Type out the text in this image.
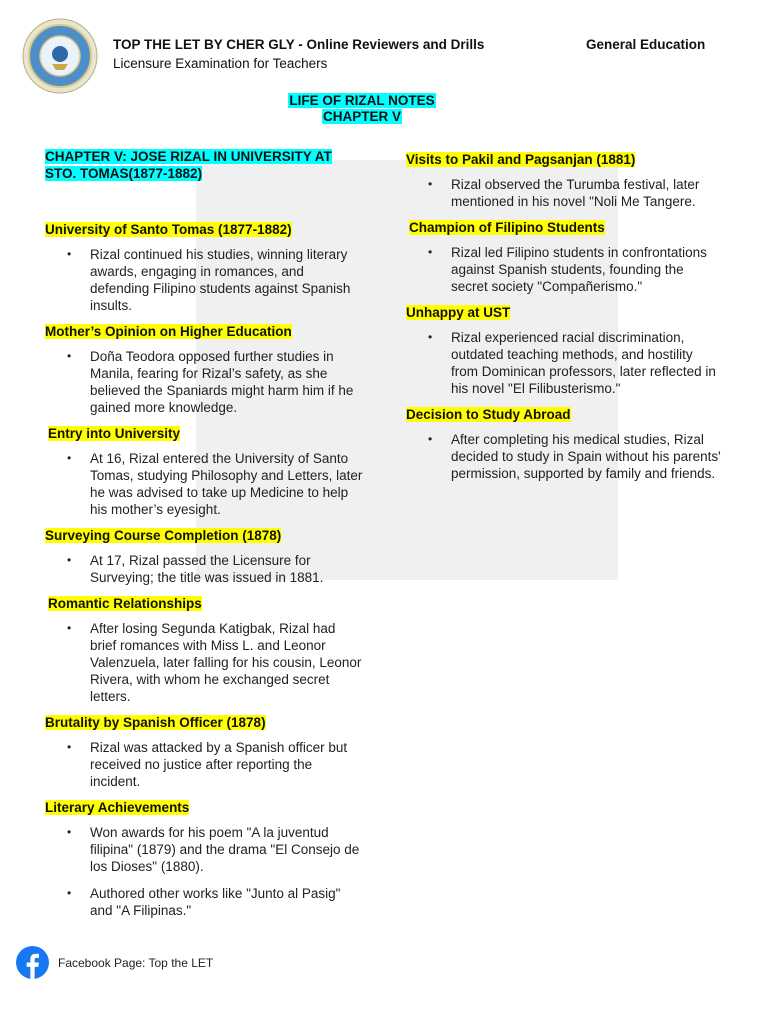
TOP THE LET BY CHER GLY - Online Reviewers and Drills	General Education
Licensure Examination for Teachers
LIFE OF RIZAL NOTES
CHAPTER V
CHAPTER V: JOSE RIZAL IN UNIVERSITY AT STO. TOMAS(1877-1882)
University of Santo Tomas (1877-1882)
• Rizal continued his studies, winning literary awards, engaging in romances, and defending Filipino students against Spanish insults.
Mother’s Opinion on Higher Education
• Doña Teodora opposed further studies in Manila, fearing for Rizal’s safety, as she believed the Spaniards might harm him if he gained more knowledge.
Entry into University
• At 16, Rizal entered the University of Santo Tomas, studying Philosophy and Letters, later he was advised to take up Medicine to help his mother’s eyesight.
Surveying Course Completion (1878)
• At 17, Rizal passed the Licensure for Surveying; the title was issued in 1881.
Romantic Relationships
• After losing Segunda Katigbak, Rizal had brief romances with Miss L. and Leonor Valenzuela, later falling for his cousin, Leonor Rivera, with whom he exchanged secret letters.
Brutality by Spanish Officer (1878)
• Rizal was attacked by a Spanish officer but received no justice after reporting the incident.
Literary Achievements
• Won awards for his poem "A la juventud filipina" (1879) and the drama "El Consejo de los Dioses" (1880).
• Authored other works like "Junto al Pasig" and "A Filipinas."
Visits to Pakil and Pagsanjan (1881)
• Rizal observed the Turumba festival, later mentioned in his novel "Noli Me Tangere.
Champion of Filipino Students
• Rizal led Filipino students in confrontations against Spanish students, founding the secret society "Compañerismo."
Unhappy at UST
• Rizal experienced racial discrimination, outdated teaching methods, and hostility from Dominican professors, later reflected in his novel "El Filibusterismo."
Decision to Study Abroad
• After completing his medical studies, Rizal decided to study in Spain without his parents' permission, supported by family and friends.
Facebook Page: Top the LET
